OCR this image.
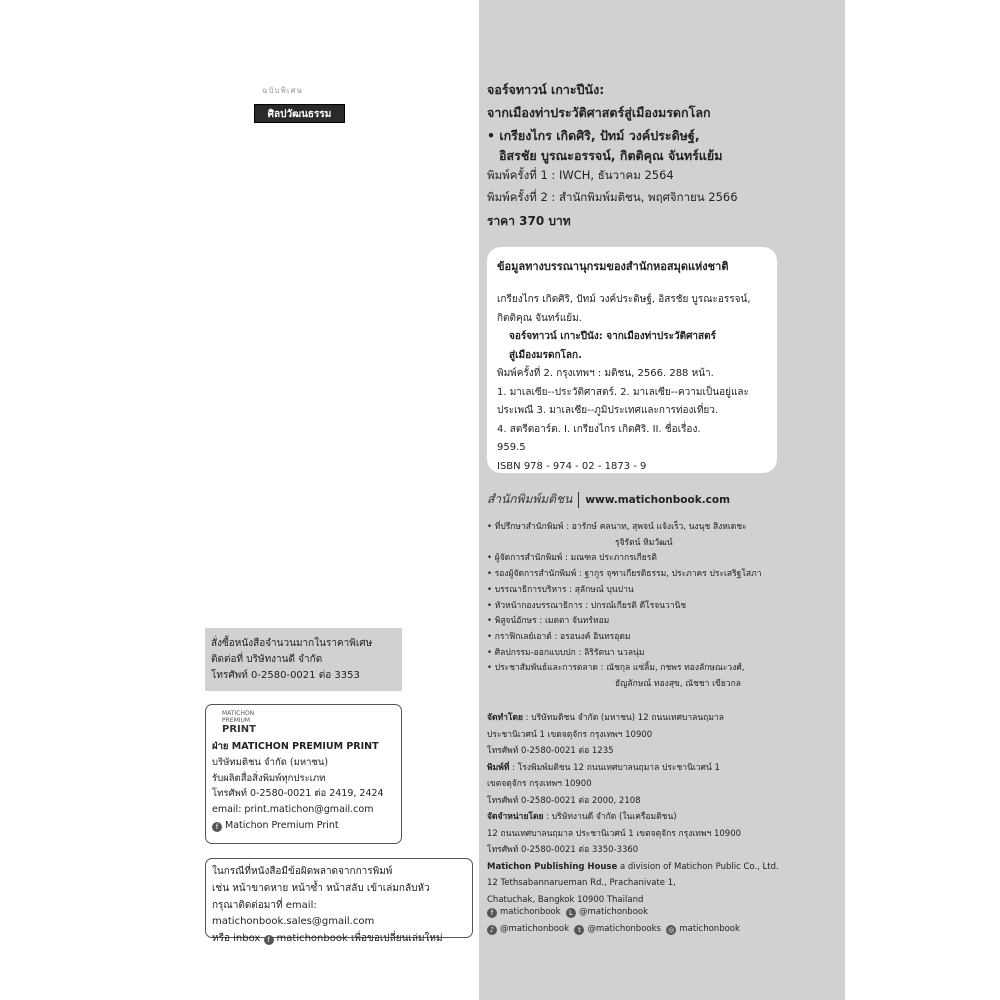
ฉบับพิเศษ
ศิลปวัฒนธรรม
จอร์จทาวน์ เกาะปีนัง:
จากเมืองท่าประวัติศาสตร์สู่เมืองมรดกโลก
• เกรียงไกร เกิดศิริ, ปัทม์ วงค์ประดิษฐ์,
อิสรชัย บูรณะอรรจน์, กิตติคุณ จันทร์แย้ม
พิมพ์ครั้งที่ 1 : IWCH, ธันวาคม 2564
พิมพ์ครั้งที่ 2 : สำนักพิมพ์มติชน, พฤศจิกายน 2566
ราคา 370 บาท
ข้อมูลทางบรรณานุกรมของสำนักหอสมุดแห่งชาติ
เกรียงไกร เกิดศิริ, ปัทม์ วงค์ประดิษฐ์, อิสรชัย บูรณะอรรจน์,
กิตติคุณ จันทร์แย้ม.
จอร์จทาวน์ เกาะปีนัง: จากเมืองท่าประวัติศาสตร์
สู่เมืองมรดกโลก.
พิมพ์ครั้งที่ 2. กรุงเทพฯ : มติชน, 2566. 288 หน้า.
1. มาเลเซีย--ประวัติศาสตร์. 2. มาเลเซีย--ความเป็นอยู่และ
ประเพณี 3. มาเลเซีย--ภูมิประเทศและการท่องเที่ยว.
4. สตรีตอาร์ต. I. เกรียงไกร เกิดศิริ. II. ชื่อเรื่อง.
959.5
ISBN 978 - 974 - 02 - 1873 - 9
สำนักพิมพ์มติชน www.matichonbook.com
• ที่ปรึกษาสำนักพิมพ์ : อารักษ์ คลนาท, สุพจน์ แจ้งเร็ว, นงนุช สิงหเดชะ
รุจิรัตน์ หิมวัฒน์
• ผู้จัดการสำนักพิมพ์ : มณฑล ประภากรเกียรติ
• รองผู้จัดการสำนักพิมพ์ : ฐากูร จุฑาเกียรติธรรม, ประภาคร ประเสริฐโสภา
• บรรณาธิการบริหาร : สุลักษณ์ บุนปาน
• หัวหน้ากองบรรณาธิการ : ปกรณ์เกียรติ ดีโรจนวานิช
• พิสูจน์อักษร : เมตตา จันทร์หอม
• กราฟิกเลย์เอาต์ : อรอนงค์ อินทรอุดม
• ศิลปกรรม-ออกแบบปก : ลิริรัตนา นวลนุ่ม
• ประชาสัมพันธ์และการตลาด : ณัชกุล แซ่ลิ้ม, กชพร ทองลักษณะวงศ์,
ธัญลักษณ์ ทองสุข, ณัชชา เขียวกล
จัดทำโดย : บริษัทมติชน จำกัด (มหาชน) 12 ถนนเทศบาลนฤมาล
ประชานิเวศน์ 1 เขตจตุจักร กรุงเทพฯ 10900
โทรศัพท์ 0-2580-0021 ต่อ 1235
พิมพ์ที่ : โรงพิมพ์มติชน 12 ถนนเทศบาลนฤมาล ประชานิเวศน์ 1
เขตจตุจักร กรุงเทพฯ 10900
โทรศัพท์ 0-2580-0021 ต่อ 2000, 2108
จัดจำหน่ายโดย : บริษัทงานดี จำกัด (ในเครือมติชน)
12 ถนนเทศบาลนฤมาล ประชานิเวศน์ 1 เขตจตุจักร กรุงเทพฯ 10900
โทรศัพท์ 0-2580-0021 ต่อ 3350-3360
Matichon Publishing House a division of Matichon Public Co., Ltd.
12 Tethsabannarueman Rd., Prachanivate 1,
Chatuchak, Bangkok 10900 Thailand
f matichonbook L @matichonbook
♪ @matichonbook t @matichonbooks ◎ matichonbook
สั่งซื้อหนังสือจำนวนมากในราคาพิเศษ
ติดต่อที่ บริษัทงานดี จำกัด
โทรศัพท์ 0-2580-0021 ต่อ 3353
MATICHON
PREMIUM
PRINT
ฝ่าย MATICHON PREMIUM PRINT
บริษัทมติชน จำกัด (มหาชน)
รับผลิตสื่อสิ่งพิมพ์ทุกประเภท
โทรศัพท์ 0-2580-0021 ต่อ 2419, 2424
email: print.matichon@gmail.com
f Matichon Premium Print
ในกรณีที่หนังสือมีข้อผิดพลาดจากการพิมพ์
เช่น หน้าขาดหาย หน้าซ้ำ หน้าสลับ เข้าเล่มกลับหัว
กรุณาติดต่อมาที่ email: matichonbook.sales@gmail.com
หรือ inbox f matichonbook เพื่อขอเปลี่ยนเล่มใหม่
